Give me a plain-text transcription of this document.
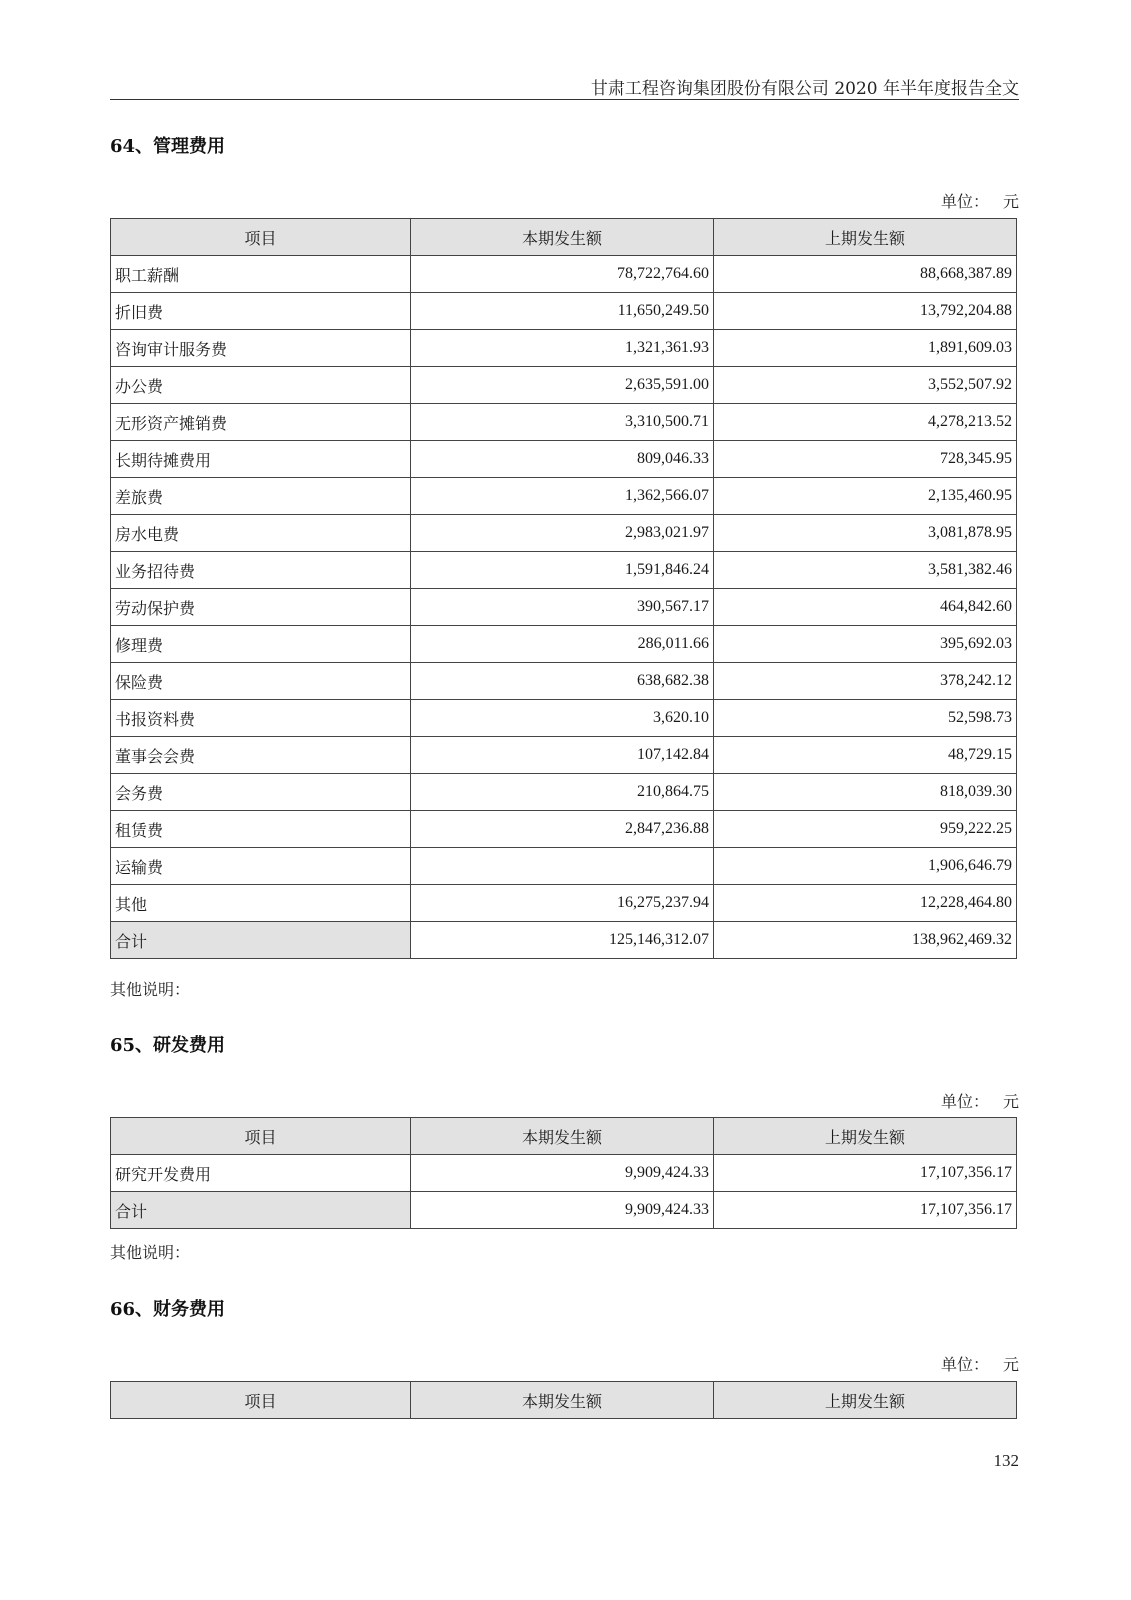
甘肃工程咨询集团股份有限公司 2020 年半年度报告全文
64、管理费用
单位： 元
项目	本期发生额	上期发生额
职工薪酬	78,722,764.60	88,668,387.89
折旧费	11,650,249.50	13,792,204.88
咨询审计服务费	1,321,361.93	1,891,609.03
办公费	2,635,591.00	3,552,507.92
无形资产摊销费	3,310,500.71	4,278,213.52
长期待摊费用	809,046.33	728,345.95
差旅费	1,362,566.07	2,135,460.95
房水电费	2,983,021.97	3,081,878.95
业务招待费	1,591,846.24	3,581,382.46
劳动保护费	390,567.17	464,842.60
修理费	286,011.66	395,692.03
保险费	638,682.38	378,242.12
书报资料费	3,620.10	52,598.73
董事会会费	107,142.84	48,729.15
会务费	210,864.75	818,039.30
租赁费	2,847,236.88	959,222.25
运输费		1,906,646.79
其他	16,275,237.94	12,228,464.80
合计	125,146,312.07	138,962,469.32
其他说明：
65、研发费用
单位： 元
项目	本期发生额	上期发生额
研究开发费用	9,909,424.33	17,107,356.17
合计	9,909,424.33	17,107,356.17
其他说明：
66、财务费用
单位： 元
项目	本期发生额	上期发生额
132
